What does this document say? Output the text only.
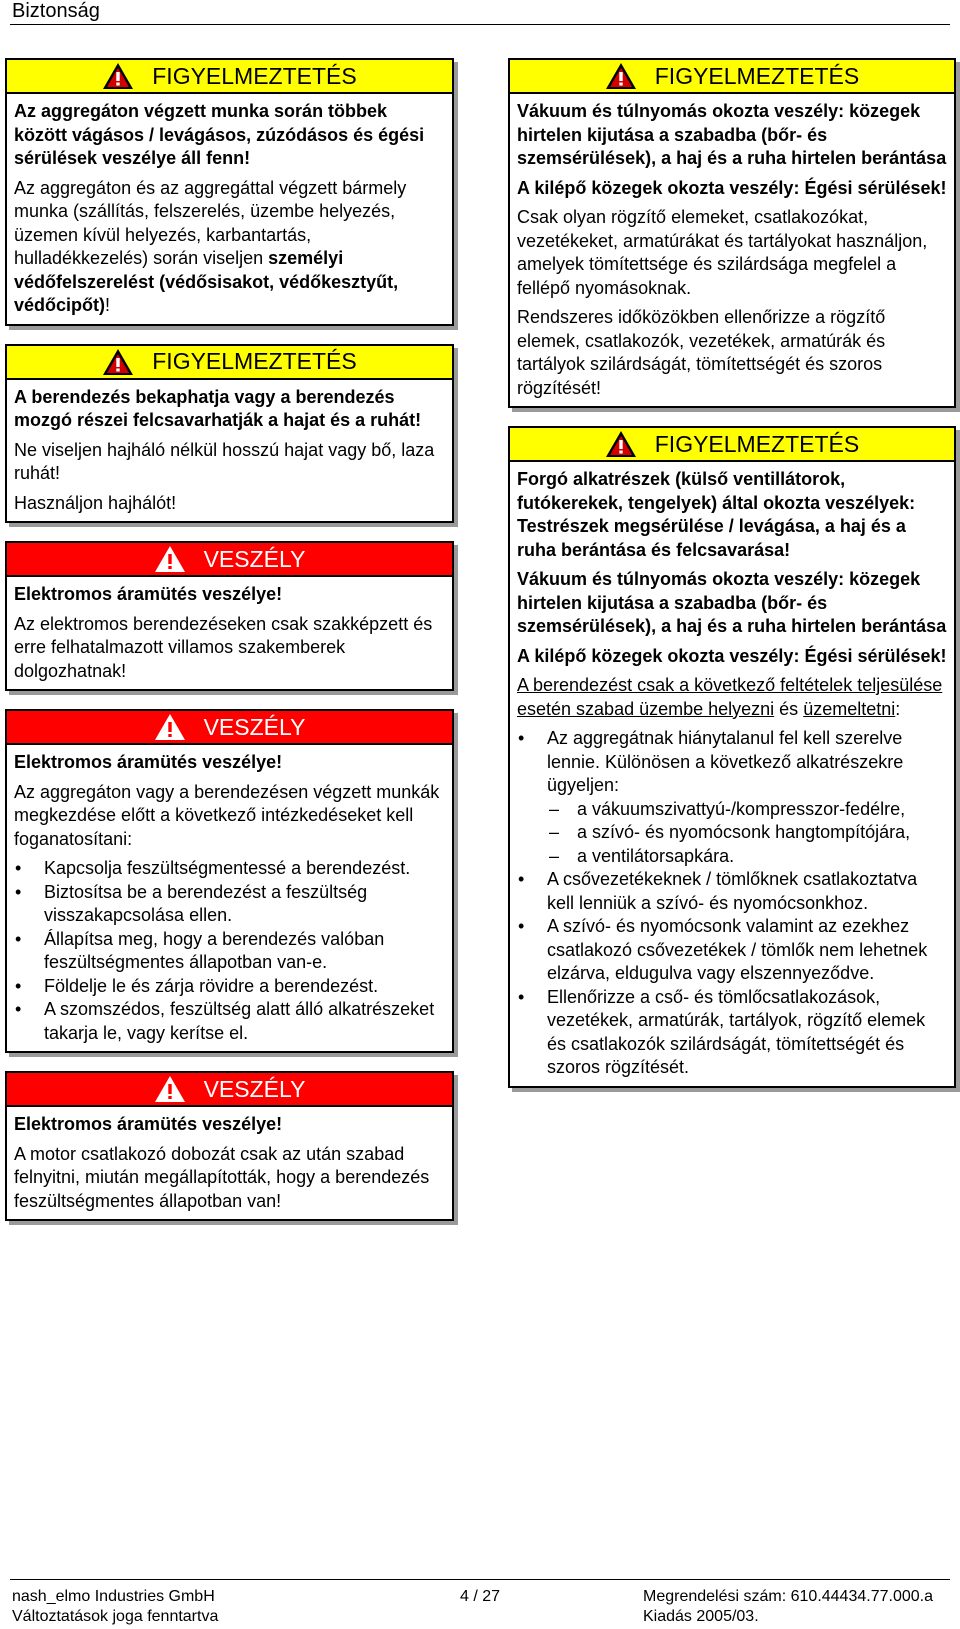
Biztonság
FIGYELMEZTETÉS

Az aggregáton végzett munka során többek között vágásos / levágásos, zúzódásos és égési sérülések veszélye áll fenn!

Az aggregáton és az aggregáttal végzett bármely munka (szállítás, felszerelés, üzembe helyezés, üzemen kívül helyezés, karbantartás, hulladékkezelés) során viseljen személyi védőfelszerelést (védősisakot, védőkesztyűt, védőcipőt)!

FIGYELMEZTETÉS

A berendezés bekaphatja vagy a berendezés mozgó részei felcsavarhatják a hajat és a ruhát!

Ne viseljen hajháló nélkül hosszú hajat vagy bő, laza ruhát!

Használjon hajhálót!

VESZÉLY

Elektromos áramütés veszélye!

Az elektromos berendezéseken csak szakképzett és erre felhatalmazott villamos szakemberek dolgozhatnak!

VESZÉLY

Elektromos áramütés veszélye!

Az aggregáton vagy a berendezésen végzett munkák megkezdése előtt a következő intézkedéseket kell foganatosítani:

• Kapcsolja feszültségmentessé a berendezést.
• Biztosítsa be a berendezést a feszültség visszakapcsolása ellen.
• Állapítsa meg, hogy a berendezés valóban feszültségmentes állapotban van-e.
• Földelje le és zárja rövidre a berendezést.
• A szomszédos, feszültség alatt álló alkatrészeket takarja le, vagy kerítse el.
VESZÉLY

Elektromos áramütés veszélye!

A motor csatlakozó dobozát csak az után szabad felnyitni, miután megállapították, hogy a berendezés feszültségmentes állapotban van!

FIGYELMEZTETÉS

Vákuum és túlnyomás okozta veszély: közegek hirtelen kijutása a szabadba (bőr- és szemsérülések), a haj és a ruha hirtelen berántása

A kilépő közegek okozta veszély: Égési sérülések!

Csak olyan rögzítő elemeket, csatlakozókat, vezetékeket, armatúrákat és tartályokat használjon, amelyek tömítettsége és szilárdsága megfelel a fellépő nyomásoknak.

Rendszeres időközökben ellenőrizze a rögzítő elemek, csatlakozók, vezetékek, armatúrák és tartályok szilárdságát, tömítettségét és szoros rögzítését!

FIGYELMEZTETÉS

Forgó alkatrészek (külső ventillátorok, futókerekek, tengelyek) által okozta veszélyek: Testrészek megsérülése / levágása, a haj és a ruha berántása és felcsavarása!

Vákuum és túlnyomás okozta veszély: közegek hirtelen kijutása a szabadba (bőr- és szemsérülések), a haj és a ruha hirtelen berántása

A kilépő közegek okozta veszély: Égési sérülések!

A berendezést csak a következő feltételek teljesülése esetén szabad üzembe helyezni és üzemeltetni:

• Az aggregátnak hiánytalanul fel kell szerelve lennie. Különösen a következő alkatrészekre ügyeljen:
– a vákuumszivattyú-/kompresszor-fedélre,
– a szívó- és nyomócsonk hangtompítójára,
– a ventilátorsapkára.
• A csővezetékeknek / tömlőknek csatlakoztatva kell lenniük a szívó- és nyomócsonkhoz.
• A szívó- és nyomócsonk valamint az ezekhez csatlakozó csővezetékek / tömlők nem lehetnek elzárva, eldugulva vagy elszennyeződve.
• Ellenőrizze a cső- és tömlőcsatlakozások, vezetékek, armatúrák, tartályok, rögzítő elemek és csatlakozók szilárdságát, tömítettségét és szoros rögzítését.
nash_elmo Industries GmbH
Változtatások joga fenntartva
4 / 27	Megrendelési szám: 610.44434.77.000.a
Kiadás 2005/03.
